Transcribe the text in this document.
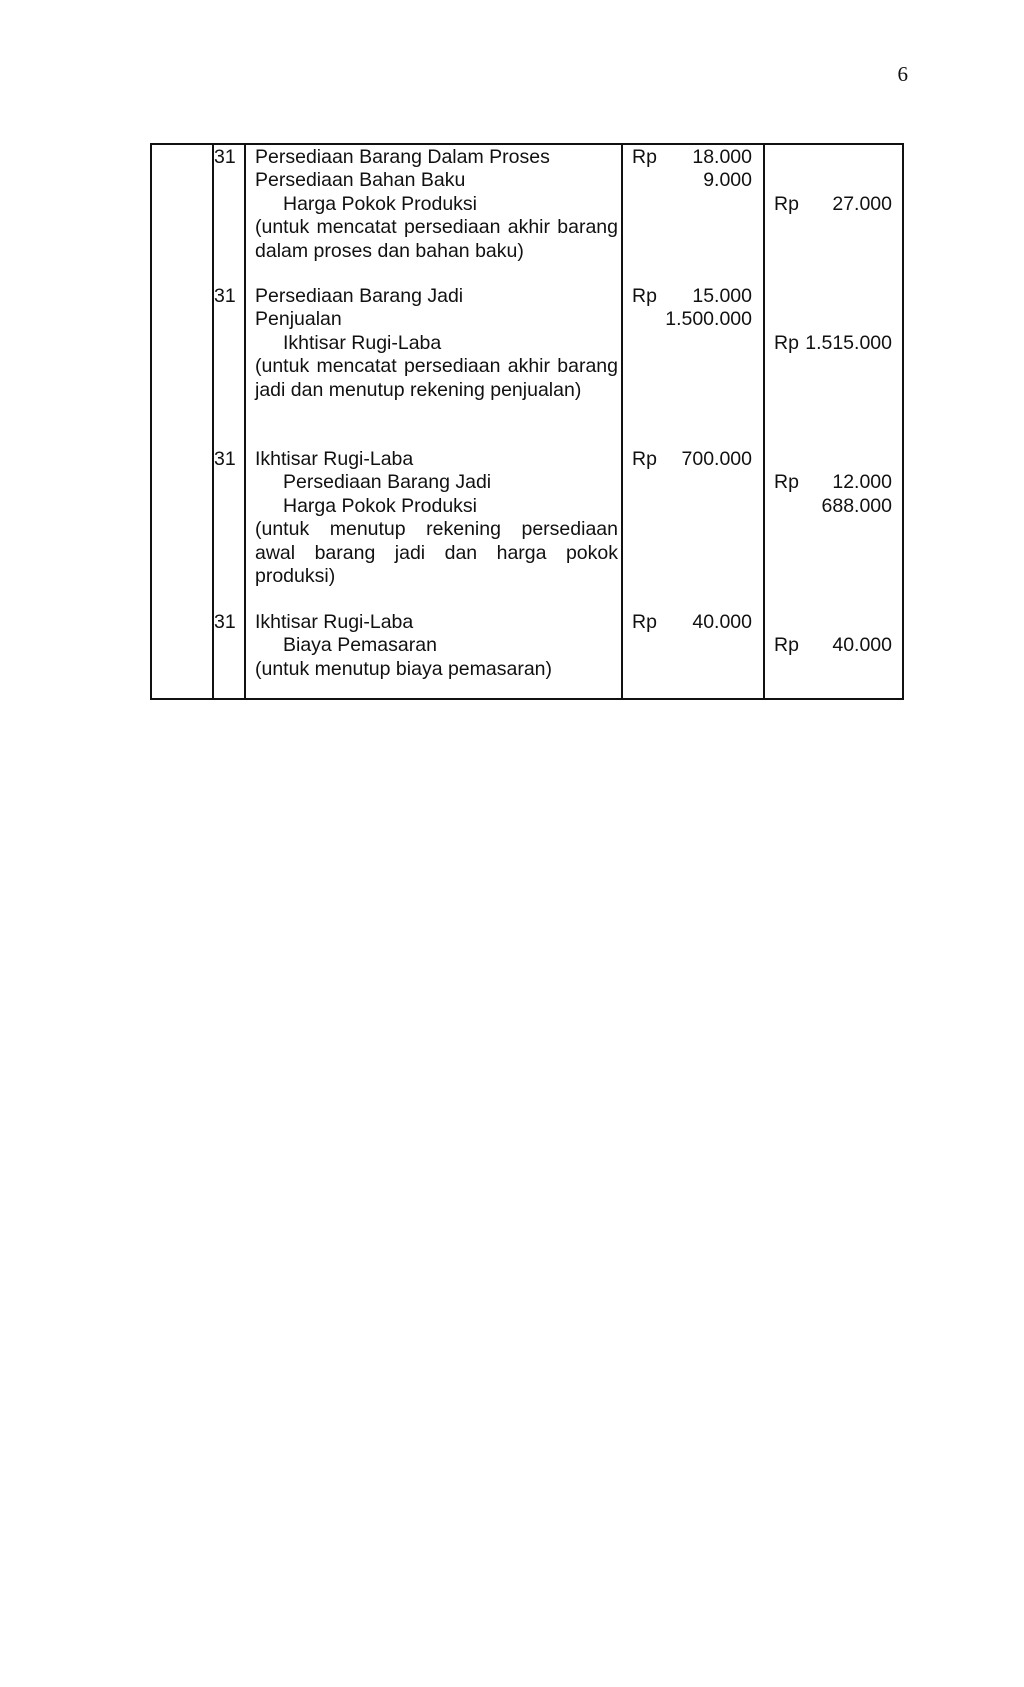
6
31 Persediaan Barang Dalam Proses
Persediaan Bahan Baku
Harga Pokok Produksi
(untuk mencatat persediaan akhir barang dalam proses dan bahan baku)
Rp 18.000
9.000
Rp 27.000
31 Persediaan Barang Jadi
Penjualan
Ikhtisar Rugi-Laba
(untuk mencatat persediaan akhir barang jadi dan menutup rekening penjualan)
Rp 15.000
1.500.000
Rp 1.515.000
31 Ikhtisar Rugi-Laba
Persediaan Barang Jadi
Harga Pokok Produksi
(untuk menutup rekening persediaan awal barang jadi dan harga pokok produksi)
Rp 700.000
Rp 12.000
688.000
31 Ikhtisar Rugi-Laba
Biaya Pemasaran
(untuk menutup biaya pemasaran)
Rp 40.000
Rp 40.000
